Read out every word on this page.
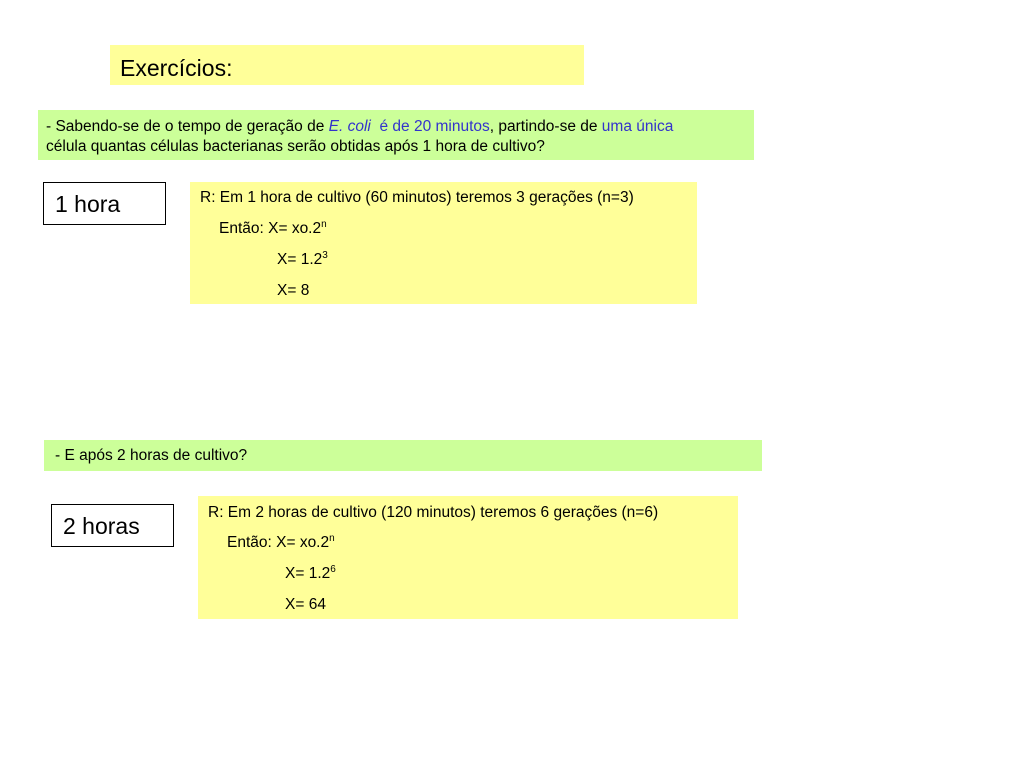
Exercícios:
- Sabendo-se de o tempo de geração de E. coli é de 20 minutos, partindo-se de uma única
célula quantas células bacterianas serão obtidas após 1 hora de cultivo?
1 hora	R: Em 1 hora de cultivo (60 minutos) teremos 3 gerações (n=3)
Então: $X= xo.2^n$
$X= 1.2^3$
X= 8
- E após 2 horas de cultivo?
2 horas
R: Em 2 horas de cultivo (120 minutos) teremos 6 gerações (n=6)
Então: $X= xo.2^n$
$X= 1.2^6$
X= 64
